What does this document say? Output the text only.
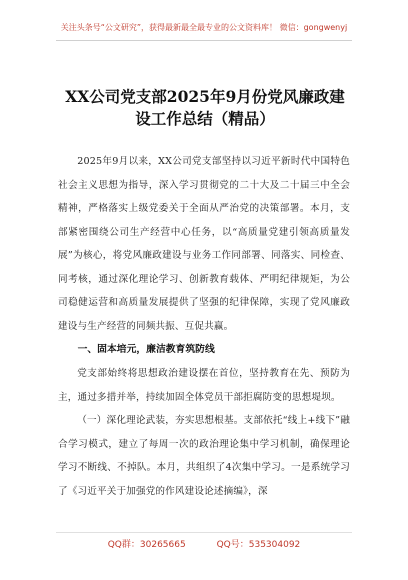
关注头条号“公文研究”，获得最新最全最专业的公文资料库！ 微信：gongwenyj
XX公司党支部2025年9月份党风廉政建设工作总结（精品）

2025年9月以来，XX公司党支部坚持以习近平新时代中国特色社会主义思想为指导，深入学习贯彻党的二十大及二十届三中全会精神，严格落实上级党委关于全面从严治党的决策部署。本月，支部紧密围绕公司生产经营中心任务，以“高质量党建引领高质量发展”为核心，将党风廉政建设与业务工作同部署、同落实、同检查、同考核，通过深化理论学习、创新教育载体、严明纪律规矩，为公司稳健运营和高质量发展提供了坚强的纪律保障，实现了党风廉政建设与生产经营的同频共振、互促共赢。

一、固本培元，廉洁教育筑防线

党支部始终将思想政治建设摆在首位，坚持教育在先、预防为主，通过多措并举，持续加固全体党员干部拒腐防变的思想堤坝。

（一）深化理论武装，夯实思想根基。支部依托“线上+线下”融合学习模式，建立了每周一次的政治理论集中学习机制，确保理论学习不断线、不掉队。本月，共组织了4次集中学习。一是系统学习了《习近平关于加强党的作风建设论述摘编》，深

QQ群：30265665	QQ号：535304092
